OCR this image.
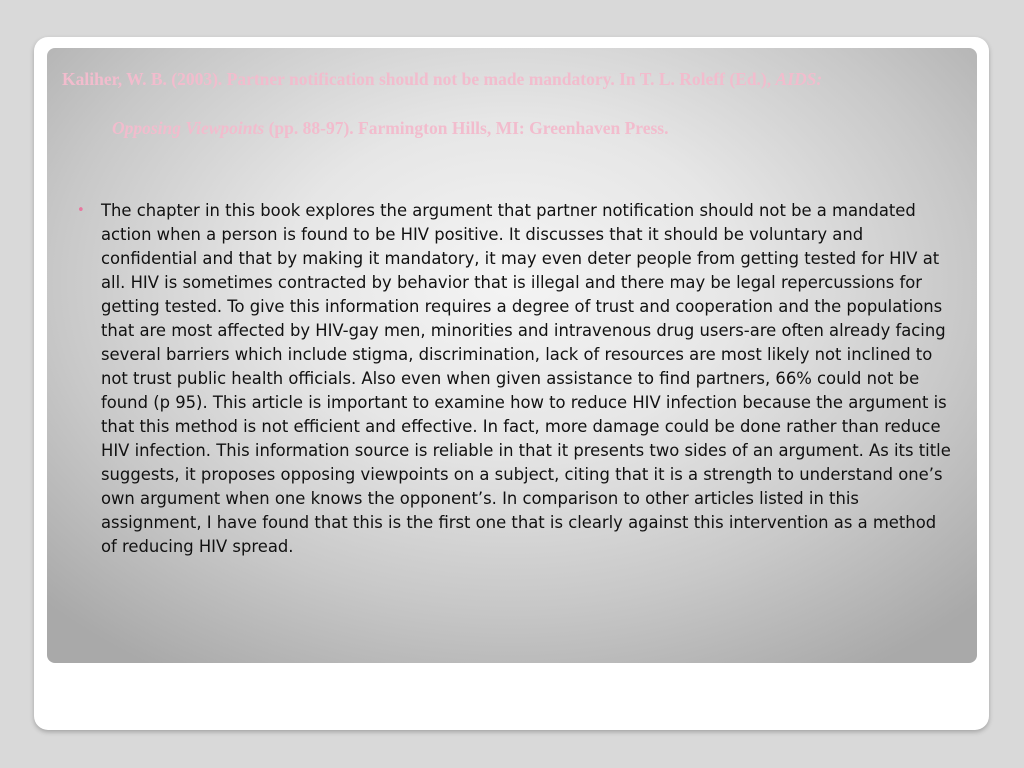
Kaliher, W. B. (2003). Partner notification should not be made mandatory. In T. L. Roleff (Ed.), AIDS:
Opposing Viewpoints (pp. 88-97). Farmington Hills, MI: Greenhaven Press.
• The chapter in this book explores the argument that partner notification should not be a mandated action when a person is found to be HIV positive. It discusses that it should be voluntary and confidential and that by making it mandatory, it may even deter people from getting tested for HIV at all. HIV is sometimes contracted by behavior that is illegal and there may be legal repercussions for getting tested. To give this information requires a degree of trust and cooperation and the populations that are most affected by HIV-gay men, minorities and intravenous drug users-are often already facing several barriers which include stigma, discrimination, lack of resources are most likely not inclined to not trust public health officials. Also even when given assistance to find partners, 66% could not be found (p 95). This article is important to examine how to reduce HIV infection because the argument is that this method is not efficient and effective. In fact, more damage could be done rather than reduce HIV infection. This information source is reliable in that it presents two sides of an argument. As its title suggests, it proposes opposing viewpoints on a subject, citing that it is a strength to understand one’s own argument when one knows the opponent’s. In comparison to other articles listed in this assignment, I have found that this is the first one that is clearly against this intervention as a method of reducing HIV spread.
